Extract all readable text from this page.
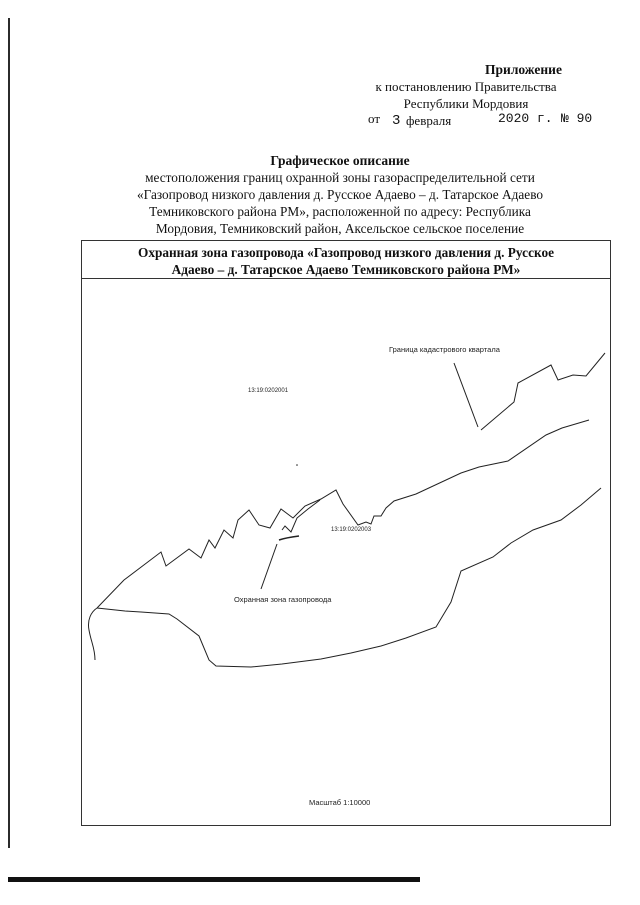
Приложение
к постановлению Правительства
Республики Мордовия
от 3 февраля	2020 г. № 90
Графическое описание
местоположения границ охранной зоны газораспределительной сети
«Газопровод низкого давления д. Русское Адаево – д. Татарское Адаево
Темниковского района РМ», расположенной по адресу: Республика
Мордовия, Темниковский район, Аксельское сельское поселение
Охранная зона газопровода «Газопровод низкого давления д. Русское
Адаево – д. Татарское Адаево Темниковского района РМ»
Граница кадастрового квартала
13:19:0202001
13:19:0202003
Охранная зона газопровода
Масштаб 1:10000
